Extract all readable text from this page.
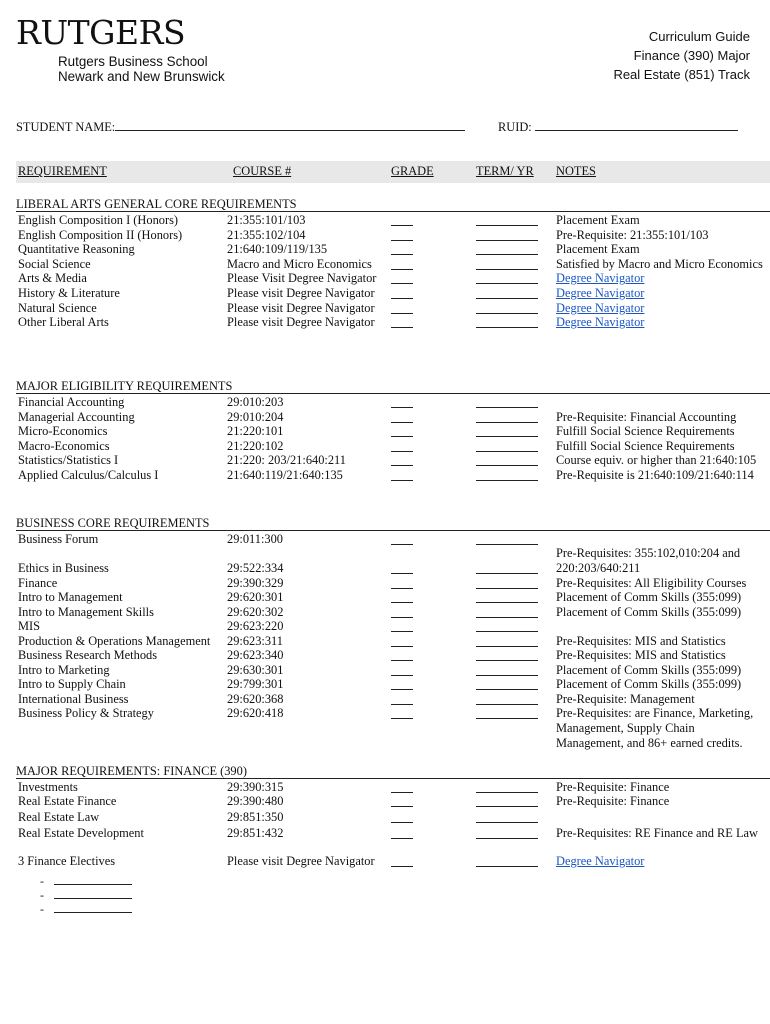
RUTGERS
Rutgers Business School
Newark and New Brunswick
Curriculum Guide
Finance (390) Major
Real Estate (851) Track
STUDENT NAME:	RUID:
REQUIREMENT	COURSE #	GRADE	TERM/ YR NOTES
LIBERAL ARTS GENERAL CORE REQUIREMENTS
English Composition I (Honors)	21:355:101/103	Placement Exam
English Composition II (Honors)	21:355:102/104	Pre-Requisite: 21:355:101/103
Quantitative Reasoning	21:640:109/119/135	Placement Exam
Social Science	Macro and Micro Economics	Satisfied by Macro and Micro Economics
Arts & Media	Please Visit Degree Navigator	Degree Navigator
History & Literature	Please visit Degree Navigator	Degree Navigator
Natural Science	Please visit Degree Navigator	Degree Navigator
Other Liberal Arts	Please visit Degree Navigator	Degree Navigator
MAJOR ELIGIBILITY REQUIREMENTS
Financial Accounting	29:010:203
Managerial Accounting	29:010:204	Pre-Requisite: Financial Accounting
Micro-Economics	21:220:101	Fulfill Social Science Requirements
Macro-Economics	21:220:102	Fulfill Social Science Requirements
Statistics/Statistics I	21:220: 203/21:640:211	Course equiv. or higher than 21:640:105
Applied Calculus/Calculus I	21:640:119/21:640:135	Pre-Requisite is 21:640:109/21:640:114
BUSINESS CORE REQUIREMENTS
Business Forum	29:011:300
Pre-Requisites: 355:102,010:204 and 220:203/640:211
Ethics in Business	29:522:334
Finance	29:390:329	Pre-Requisites: All Eligibility Courses
Intro to Management	29:620:301	Placement of Comm Skills (355:099)
Intro to Management Skills	29:620:302	Placement of Comm Skills (355:099)
MIS	29:623:220
Production & Operations Management 29:623:311	Pre-Requisites: MIS and Statistics
Business Research Methods	29:623:340	Pre-Requisites: MIS and Statistics
Intro to Marketing	29:630:301	Placement of Comm Skills (355:099)
Intro to Supply Chain	29:799:301	Placement of Comm Skills (355:099)
International Business	29:620:368	Pre-Requisite: Management
Business Policy & Strategy	29:620:418	Pre-Requisites: are Finance, Marketing,
Management, Supply Chain
Management, and 86+ earned credits.
MAJOR REQUIREMENTS: FINANCE (390)
Investments	29:390:315	Pre-Requisite: Finance
Real Estate Finance	29:390:480	Pre-Requisite: Finance
Real Estate Law	29:851:350
Real Estate Development	29:851:432	Pre-Requisites: RE Finance and RE Law
3 Finance Electives	Please visit Degree Navigator	Degree Navigator
-
-
-
